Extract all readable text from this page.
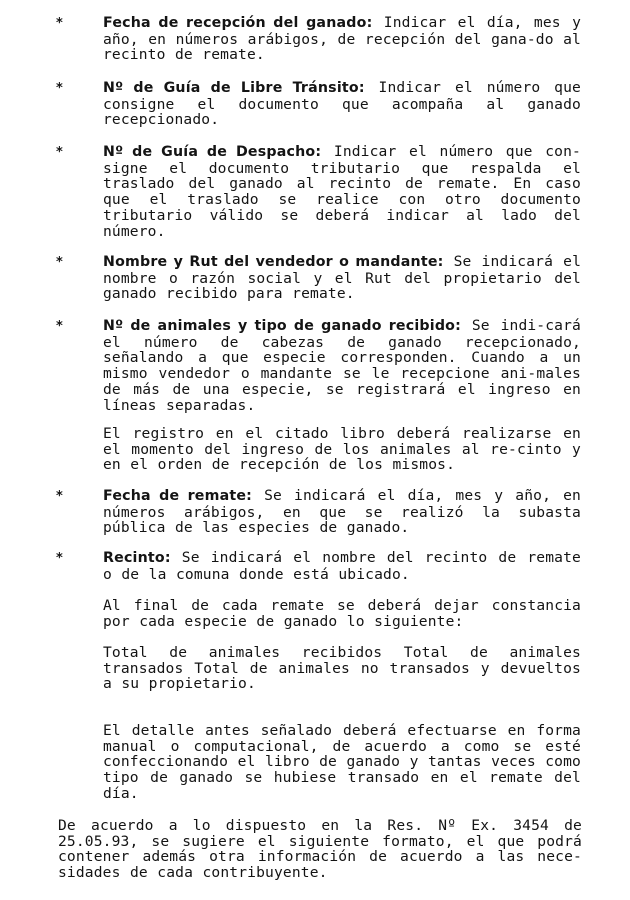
*	Fecha de recepción del ganado: Indicar el día, mes y año, en números arábigos, de recepción del gana-do al recinto de remate.
*	Nº de Guía de Libre Tránsito: Indicar el número que consigne el documento que acompaña al ganado recepcionado.
*	Nº de Guía de Despacho: Indicar el número que con-signe el documento tributario que respalda el traslado del ganado al recinto de remate. En caso que el traslado se realice con otro documento tributario válido se deberá indicar al lado del número.
*	Nombre y Rut del vendedor o mandante: Se indicará el nombre o razón social y el Rut del propietario del ganado recibido para remate.
*	Nº de animales y tipo de ganado recibido: Se indi-cará el número de cabezas de ganado recepcionado, señalando a que especie corresponden. Cuando a un mismo vendedor o mandante se le recepcione ani-males de más de una especie, se registrará el ingreso en líneas separadas.
El registro en el citado libro deberá realizarse en el momento del ingreso de los animales al re-cinto y en el orden de recepción de los mismos.
*	Fecha de remate: Se indicará el día, mes y año, en números arábigos, en que se realizó la subasta pública de las especies de ganado.
*	Recinto: Se indicará el nombre del recinto de remate o de la comuna donde está ubicado.
Al final de cada remate se deberá dejar constancia por cada especie de ganado lo siguiente:
Total de animales recibidos Total de animales transados Total de animales no transados y devueltos a su propietario.
El detalle antes señalado deberá efectuarse en forma manual o computacional, de acuerdo a como se esté confeccionando el libro de ganado y tantas veces como tipo de ganado se hubiese transado en el remate del día.
De acuerdo a lo dispuesto en la Res. Nº Ex. 3454 de 25.05.93, se sugiere el siguiente formato, el que podrá contener además otra información de acuerdo a las nece-sidades de cada contribuyente.
